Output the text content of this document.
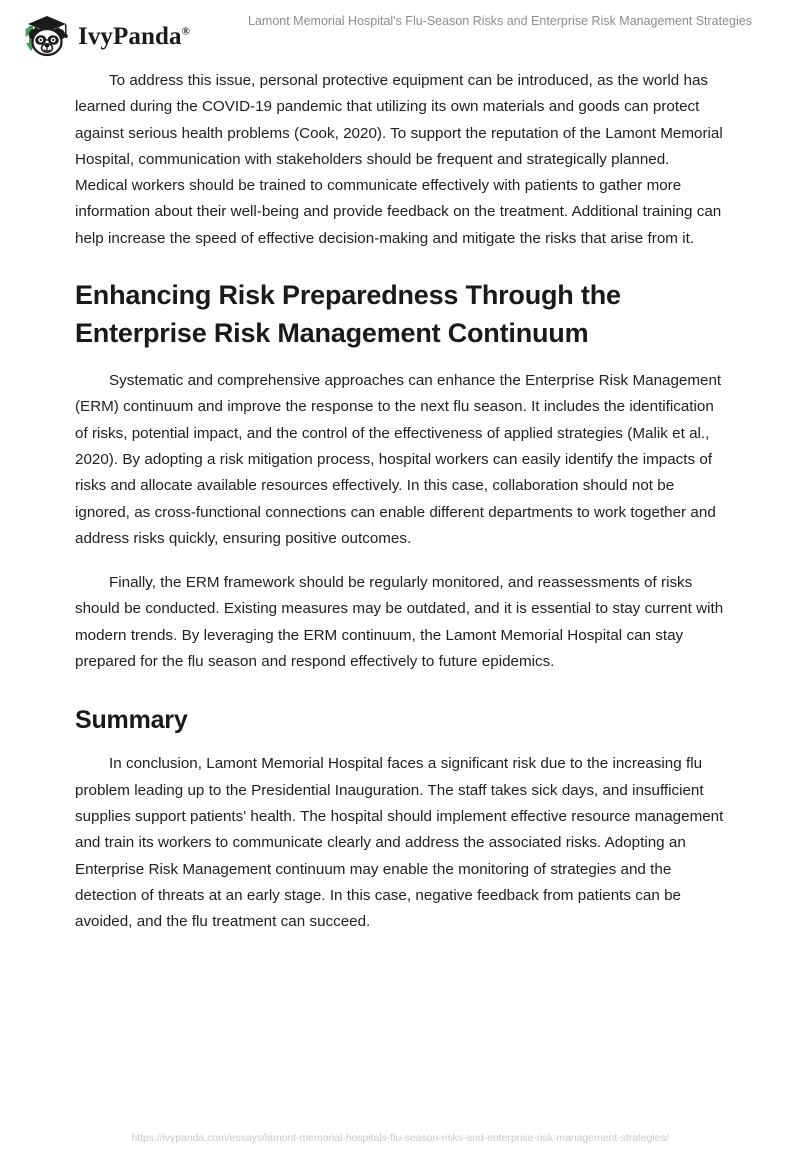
IvyPanda®
Lamont Memorial Hospital's Flu-Season Risks and Enterprise Risk Management Strategies

To address this issue, personal protective equipment can be introduced, as the world has learned during the COVID-19 pandemic that utilizing its own materials and goods can protect against serious health problems (Cook, 2020). To support the reputation of the Lamont Memorial Hospital, communication with stakeholders should be frequent and strategically planned. Medical workers should be trained to communicate effectively with patients to gather more information about their well-being and provide feedback on the treatment. Additional training can help increase the speed of effective decision-making and mitigate the risks that arise from it.

Enhancing Risk Preparedness Through the Enterprise Risk Management Continuum

Systematic and comprehensive approaches can enhance the Enterprise Risk Management (ERM) continuum and improve the response to the next flu season. It includes the identification of risks, potential impact, and the control of the effectiveness of applied strategies (Malik et al., 2020). By adopting a risk mitigation process, hospital workers can easily identify the impacts of risks and allocate available resources effectively. In this case, collaboration should not be ignored, as cross-functional connections can enable different departments to work together and address risks quickly, ensuring positive outcomes.

Finally, the ERM framework should be regularly monitored, and reassessments of risks should be conducted. Existing measures may be outdated, and it is essential to stay current with modern trends. By leveraging the ERM continuum, the Lamont Memorial Hospital can stay prepared for the flu season and respond effectively to future epidemics.

Summary

In conclusion, Lamont Memorial Hospital faces a significant risk due to the increasing flu problem leading up to the Presidential Inauguration. The staff takes sick days, and insufficient supplies support patients' health. The hospital should implement effective resource management and train its workers to communicate clearly and address the associated risks. Adopting an Enterprise Risk Management continuum may enable the monitoring of strategies and the detection of threats at an early stage. In this case, negative feedback from patients can be avoided, and the flu treatment can succeed.

https://ivypanda.com/essays/lamont-memorial-hospitals-flu-season-risks-and-enterprise-risk-management-strategies/
